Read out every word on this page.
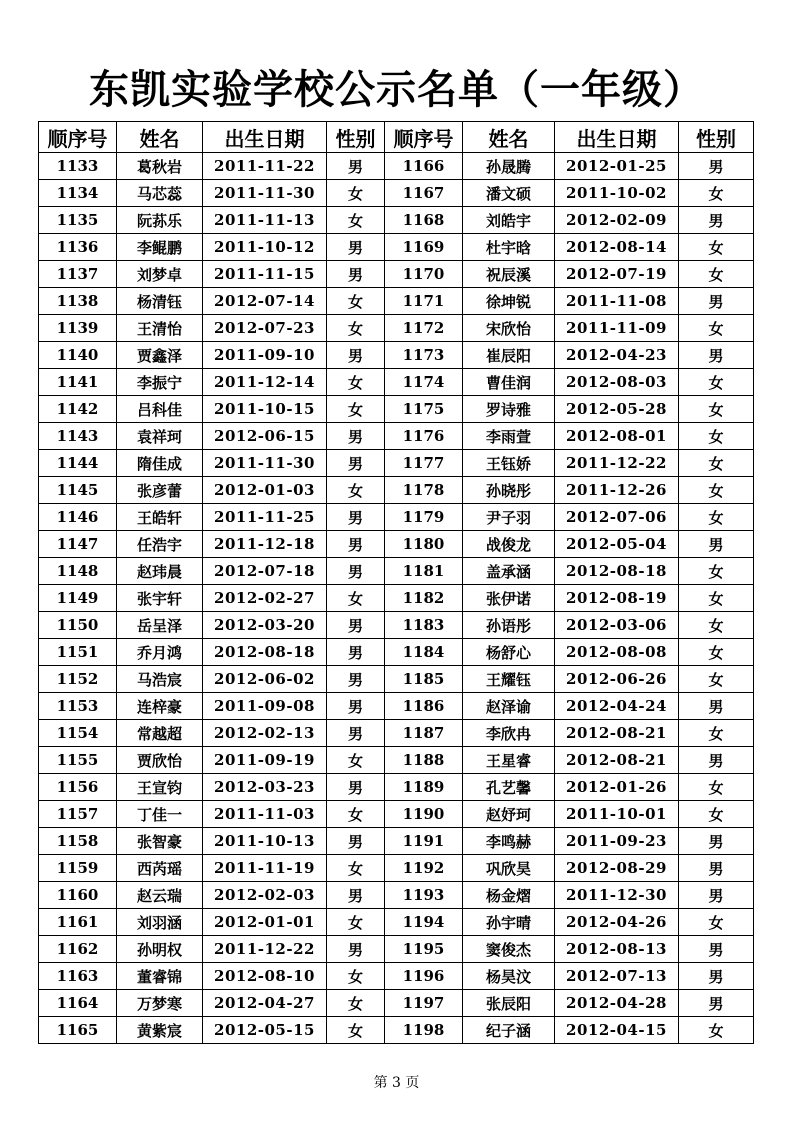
东凯实验学校公示名单（一年级）
顺序号	姓名	出生日期	性别	顺序号	姓名	出生日期	性别
1133	葛秋岩	2011-11-22	男	1166	孙晟腾	2012-01-25	男
1134	马芯蕊	2011-11-30	女	1167	潘文硕	2011-10-02	女
1135	阮荪乐	2011-11-13	女	1168	刘皓宇	2012-02-09	男
1136	李鲲鹏	2011-10-12	男	1169	杜宇晗	2012-08-14	女
1137	刘梦卓	2011-11-15	男	1170	祝辰溪	2012-07-19	女
1138	杨清钰	2012-07-14	女	1171	徐坤锐	2011-11-08	男
1139	王清怡	2012-07-23	女	1172	宋欣怡	2011-11-09	女
1140	贾鑫泽	2011-09-10	男	1173	崔辰阳	2012-04-23	男
1141	李振宁	2011-12-14	女	1174	曹佳润	2012-08-03	女
1142	吕科佳	2011-10-15	女	1175	罗诗雅	2012-05-28	女
1143	袁祥珂	2012-06-15	男	1176	李雨萱	2012-08-01	女
1144	隋佳成	2011-11-30	男	1177	王钰娇	2011-12-22	女
1145	张彦蕾	2012-01-03	女	1178	孙晓彤	2011-12-26	女
1146	王皓轩	2011-11-25	男	1179	尹子羽	2012-07-06	女
1147	任浩宇	2011-12-18	男	1180	战俊龙	2012-05-04	男
1148	赵玮晨	2012-07-18	男	1181	盖承涵	2012-08-18	女
1149	张宇轩	2012-02-27	女	1182	张伊诺	2012-08-19	女
1150	岳呈泽	2012-03-20	男	1183	孙语彤	2012-03-06	女
1151	乔月鸿	2012-08-18	男	1184	杨舒心	2012-08-08	女
1152	马浩宸	2012-06-02	男	1185	王耀钰	2012-06-26	女
1153	连梓豪	2011-09-08	男	1186	赵泽谕	2012-04-24	男
1154	常越超	2012-02-13	男	1187	李欣冉	2012-08-21	女
1155	贾欣怡	2011-09-19	女	1188	王星睿	2012-08-21	男
1156	王宣钧	2012-03-23	男	1189	孔艺馨	2012-01-26	女
1157	丁佳一	2011-11-03	女	1190	赵妤珂	2011-10-01	女
1158	张智豪	2011-10-13	男	1191	李鸣赫	2011-09-23	男
1159	西芮瑶	2011-11-19	女	1192	巩欣昊	2012-08-29	男
1160	赵云瑞	2012-02-03	男	1193	杨金熠	2011-12-30	男
1161	刘羽涵	2012-01-01	女	1194	孙宇晴	2012-04-26	女
1162	孙明权	2011-12-22	男	1195	窦俊杰	2012-08-13	男
1163	董睿锦	2012-08-10	女	1196	杨昊汶	2012-07-13	男
1164	万梦寒	2012-04-27	女	1197	张辰阳	2012-04-28	男
1165	黄紫宸	2012-05-15	女	1198	纪子涵	2012-04-15	女
第 3 页
